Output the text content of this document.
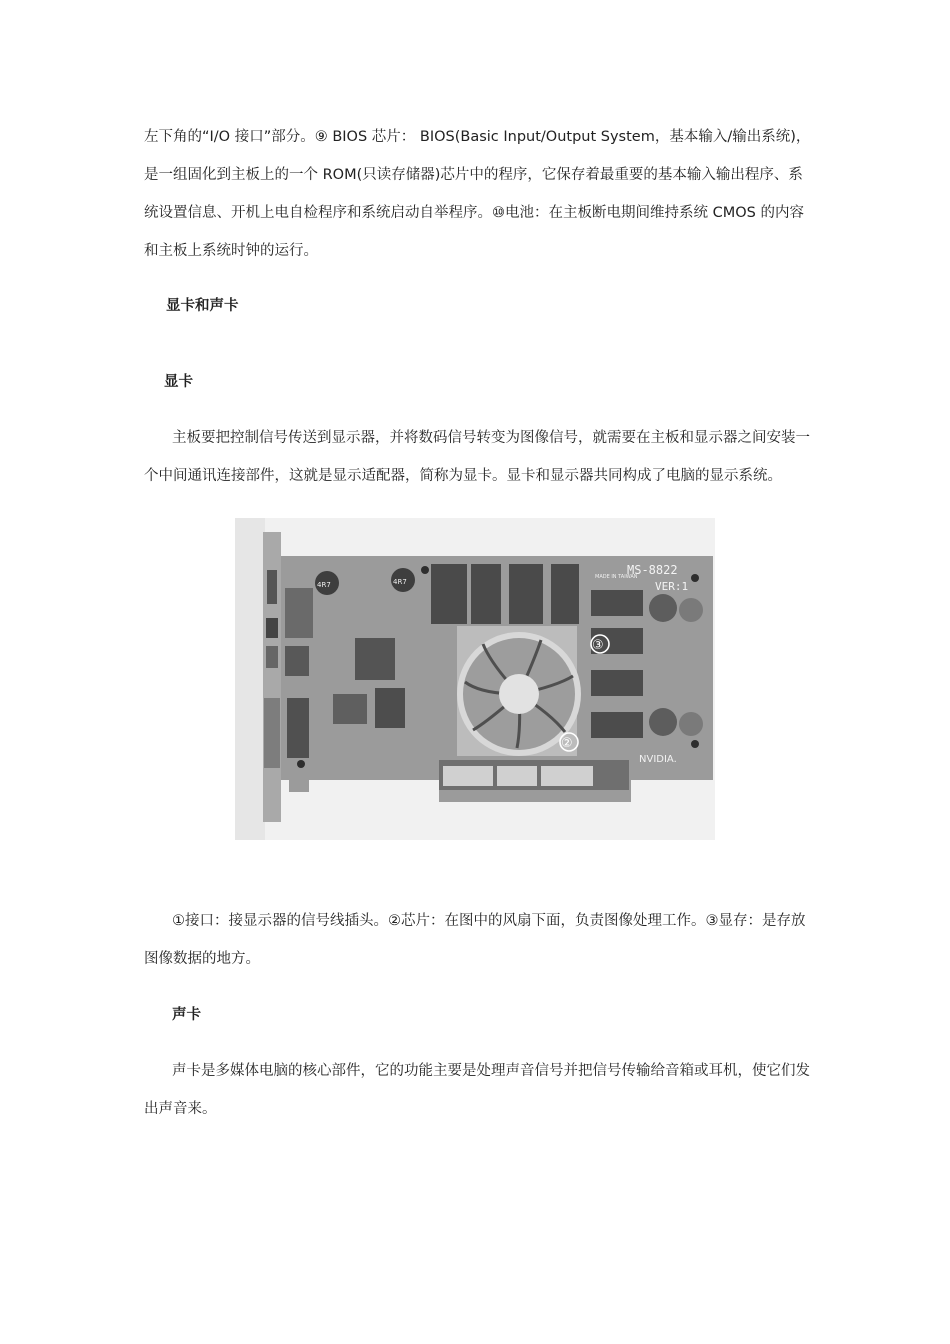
左下角的“I/O 接口”部分。⑨ BIOS 芯片： BIOS(Basic Input/Output System，基本输入/输出系统)，
是一组固化到主板上的一个 ROM(只读存储器)芯片中的程序，它保存着最重要的基本输入输出程序、系
统设置信息、开机上电自检程序和系统启动自举程序。⑩电池：在主板断电期间维持系统 CMOS 的内容
和主板上系统时钟的运行。
显卡和声卡
显卡
主板要把控制信号传送到显示器，并将数码信号转变为图像信号，就需要在主板和显示器之间安装一
个中间通讯连接部件，这就是显示适配器，简称为显卡。显卡和显示器共同构成了电脑的显示系统。
4R7	4R7
③
②
MS-8822
VER:1
MADE IN TAIWAN
NVIDIA.
①接口：接显示器的信号线插头。②芯片：在图中的风扇下面，负责图像处理工作。③显存：是存放
图像数据的地方。
声卡
声卡是多媒体电脑的核心部件，它的功能主要是处理声音信号并把信号传输给音箱或耳机，使它们发
出声音来。
